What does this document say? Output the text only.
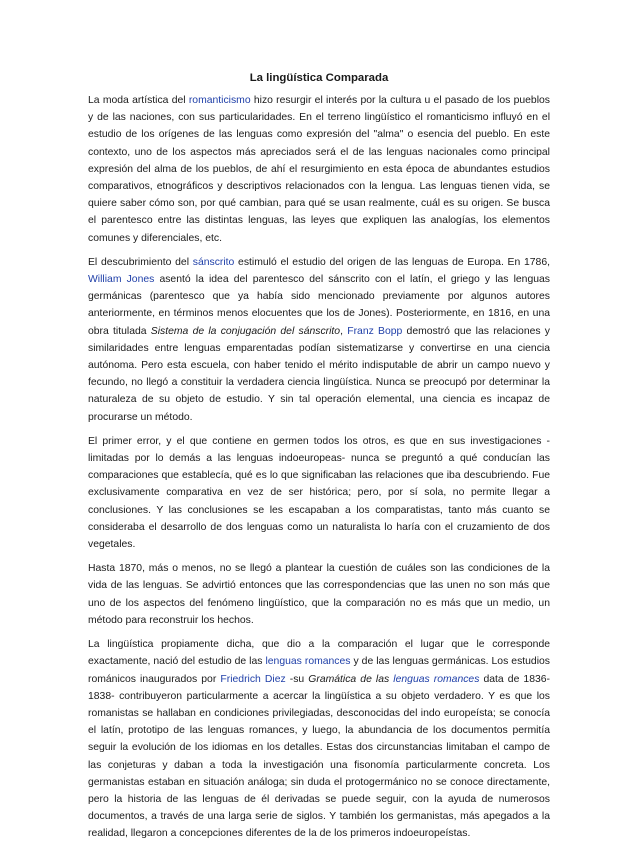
La lingüística Comparada

La moda artística del romanticismo hizo resurgir el interés por la cultura u el pasado de los pueblos y de las naciones, con sus particularidades. En el terreno lingüístico el romanticismo influyó en el estudio de los orígenes de las lenguas como expresión del "alma" o esencia del pueblo. En este contexto, uno de los aspectos más apreciados será el de las lenguas nacionales como principal expresión del alma de los pueblos, de ahí el resurgimiento en esta época de abundantes estudios comparativos, etnográficos y descriptivos relacionados con la lengua. Las lenguas tienen vida, se quiere saber cómo son, por qué cambian, para qué se usan realmente, cuál es su origen. Se busca el parentesco entre las distintas lenguas, las leyes que expliquen las analogías, los elementos comunes y diferenciales, etc.

El descubrimiento del sánscrito estimuló el estudio del origen de las lenguas de Europa. En 1786, William Jones asentó la idea del parentesco del sánscrito con el latín, el griego y las lenguas germánicas (parentesco que ya había sido mencionado previamente por algunos autores anteriormente, en términos menos elocuentes que los de Jones). Posteriormente, en 1816, en una obra titulada Sistema de la conjugación del sánscrito, Franz Bopp demostró que las relaciones y similaridades entre lenguas emparentadas podían sistematizarse y convertirse en una ciencia autónoma. Pero esta escuela, con haber tenido el mérito indisputable de abrir un campo nuevo y fecundo, no llegó a constituir la verdadera ciencia lingüística. Nunca se preocupó por determinar la naturaleza de su objeto de estudio. Y sin tal operación elemental, una ciencia es incapaz de procurarse un método.

El primer error, y el que contiene en germen todos los otros, es que en sus investigaciones -limitadas por lo demás a las lenguas indoeuropeas- nunca se preguntó a qué conducían las comparaciones que establecía, qué es lo que significaban las relaciones que iba descubriendo. Fue exclusivamente comparativa en vez de ser histórica; pero, por sí sola, no permite llegar a conclusiones. Y las conclusiones se les escapaban a los comparatistas, tanto más cuanto se consideraba el desarrollo de dos lenguas como un naturalista lo haría con el cruzamiento de dos vegetales.

Hasta 1870, más o menos, no se llegó a plantear la cuestión de cuáles son las condiciones de la vida de las lenguas. Se advirtió entonces que las correspondencias que las unen no son más que uno de los aspectos del fenómeno lingüístico, que la comparación no es más que un medio, un método para reconstruir los hechos.

La lingüística propiamente dicha, que dio a la comparación el lugar que le corresponde exactamente, nació del estudio de las lenguas romances y de las lenguas germánicas. Los estudios románicos inaugurados por Friedrich Diez -su Gramática de las lenguas romances data de 1836-1838- contribuyeron particularmente a acercar la lingüística a su objeto verdadero. Y es que los romanistas se hallaban en condiciones privilegiadas, desconocidas del indo europeísta; se conocía el latín, prototipo de las lenguas romances, y luego, la abundancia de los documentos permitía seguir la evolución de los idiomas en los detalles. Estas dos circunstancias limitaban el campo de las conjeturas y daban a toda la investigación una fisonomía particularmente concreta. Los germanistas estaban en situación análoga; sin duda el protogermánico no se conoce directamente, pero la historia de las lenguas de él derivadas se puede seguir, con la ayuda de numerosos documentos, a través de una larga serie de siglos. Y también los germanistas, más apegados a la realidad, llegaron a concepciones diferentes de la de los primeros indoeuropeístas.
